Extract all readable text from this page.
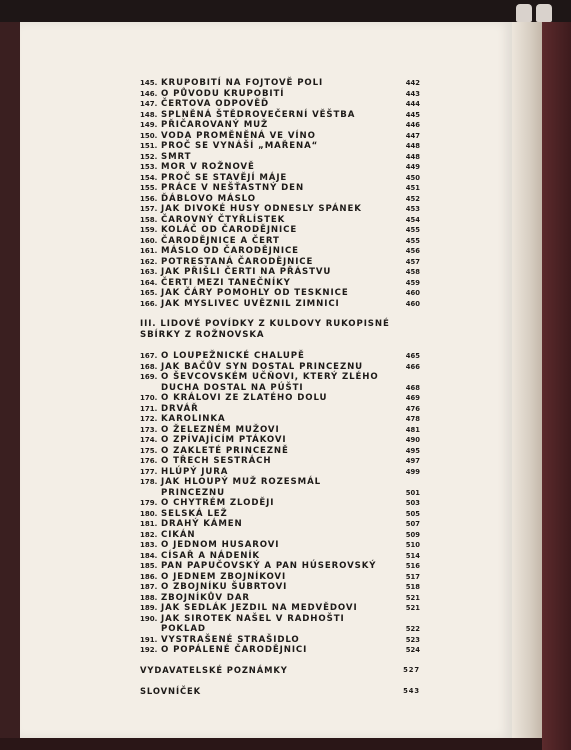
145. KRUPOBITÍ NA FOJTOVĚ POLI	442
146. O PŮVODU KRUPOBITÍ	443
147. ČERTOVA ODPOVĚĎ	444
148. SPLNĚNÁ ŠTĚDROVEČERNÍ VĚŠTBA	445
149. PŘIČAROVANÝ MUŽ	446
150. VODA PROMĚNĚNÁ VE VÍNO	447
151. PROČ SE VYNÁŠÍ „MAŘENA“	448
152. SMRT	448
153. MOR V ROŽNOVĚ	449
154. PROČ SE STAVĚJÍ MÁJE	450
155. PRÁCE V NEŠŤASTNÝ DEN	451
156. ĎÁBLOVO MÁSLO	452
157. JAK DIVOKÉ HUSY ODNESLY SPÁNEK	453
158. ČAROVNÝ ČTYŘLÍSTEK	454
159. KOLÁČ OD ČARODĚJNICE	455
160. ČARODĚJNICE A ČERT	455
161. MÁSLO OD ČARODĚJNICE	456
162. POTRESTANÁ ČARODĚJNICE	457
163. JAK PŘIŠLI ČERTI NA PŘÁSTVU	458
164. ČERTI MEZI TANEČNÍKY	459
165. JAK ČÁRY POMOHLY OD TESKNICE	460
166. JAK MYSLIVEC UVĚZNIL ZIMNICI	460
III. LIDOVÉ POVÍDKY Z KULDOVY RUKOPISNÉ
SBÍRKY Z ROŽNOVSKA
167. O LOUPEŽNICKÉ CHALUPĚ	465
168. JAK BAČŮV SYN DOSTAL PRINCEZNU	466
169. O ŠEVCOVSKÉM UČŇOVI, KTERÝ ZLÉHO
DUCHA DOSTAL NA PÚŠTI	468
170. O KRÁLOVI ZE ZLATÉHO DOLU	469
171. DRVÁŘ	476
172. KAROLINKA	478
173. O ŽELEZNÉM MUŽOVI	481
174. O ZPÍVAJÍCÍM PTÁKOVI	490
175. O ZAKLETÉ PRINCEZNĚ	495
176. O TŘECH SESTRÁCH	497
177. HLÚPÝ JURA	499
178. JAK HLOUPÝ MUŽ ROZESMÁL
PRINCEZNU	501
179. O CHYTRÉM ZLODĚJI	503
180. SELSKÁ LEŽ	505
181. DRAHÝ KÁMEN	507
182. CIKÁN	509
183. O JEDNOM HUSAROVI	510
184. CÍSAŘ A NÁDENÍK	514
185. PAN PAPUČOVSKÝ A PAN HÚSEROVSKÝ	516
186. O JEDNEM ZBOJNÍKOVI	517
187. O ZBOJNÍKU ŠUBRTOVI	518
188. ZBOJNÍKŮV DAR	521
189. JAK SEDLÁK JEZDIL NA MEDVĚDOVI	521
190. JAK SIROTEK NAŠEL V RADHOŠTI
POKLAD	522
191. VYSTRAŠENÉ STRAŠIDLO	523
192. O POPÁLENÉ ČARODĚJNICI	524
VYDAVATELSKÉ POZNÁMKY	527
SLOVNÍČEK	543
